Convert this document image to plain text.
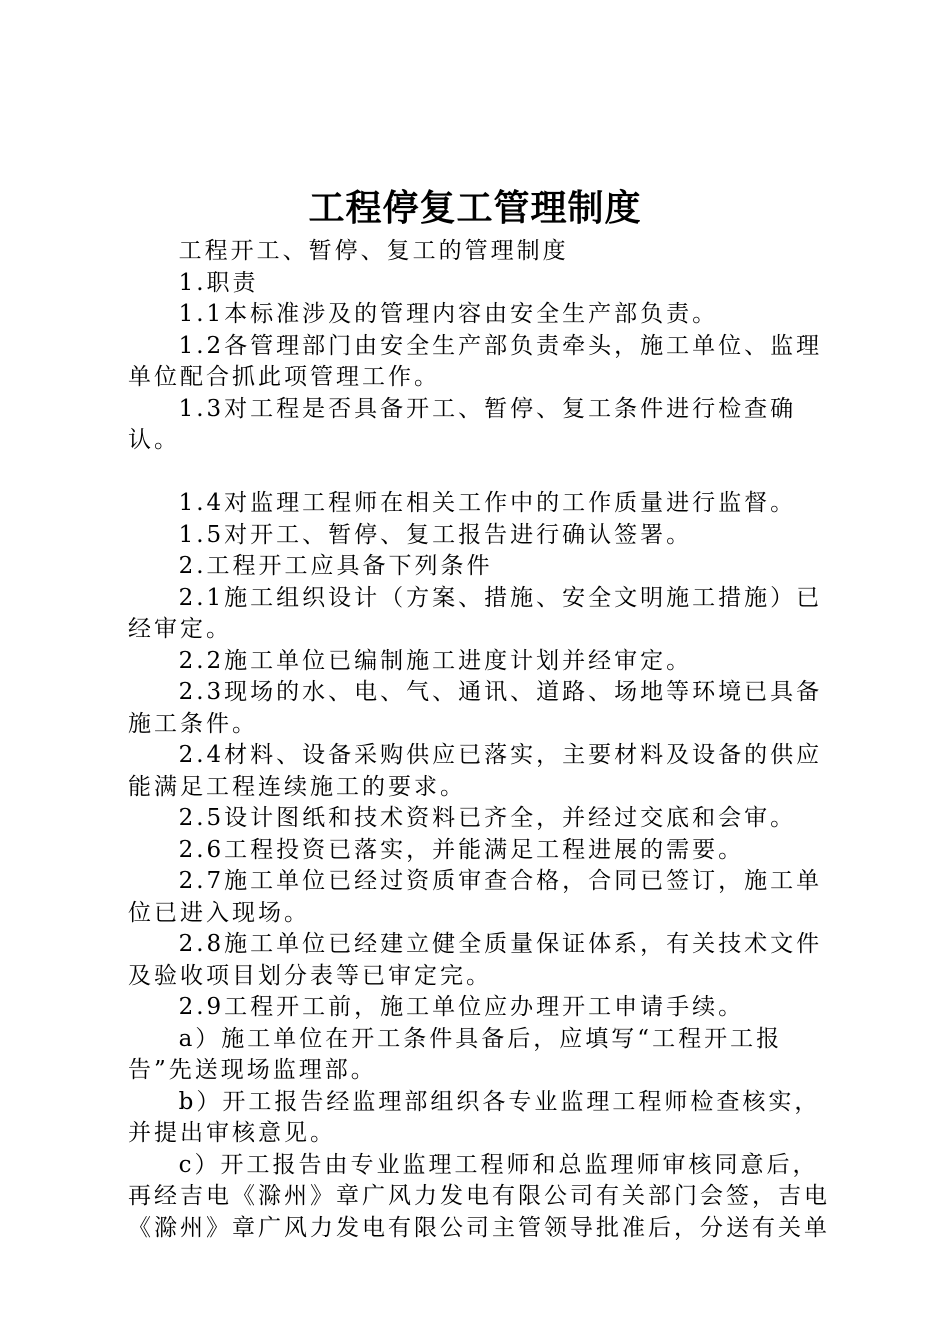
工程停复工管理制度

工程开工、暂停、复工的管理制度

1.职责

1.1本标准涉及的管理内容由安全生产部负责。

1.2各管理部门由安全生产部负责牵头，施工单位、监理单位配合抓此项管理工作。

1.3对工程是否具备开工、暂停、复工条件进行检查确认。

1.4对监理工程师在相关工作中的工作质量进行监督。

1.5对开工、暂停、复工报告进行确认签署。

2.工程开工应具备下列条件

2.1施工组织设计（方案、措施、安全文明施工措施）已经审定。

2.2施工单位已编制施工进度计划并经审定。

2.3现场的水、电、气、通讯、道路、场地等环境已具备施工条件。

2.4材料、设备采购供应已落实，主要材料及设备的供应能满足工程连续施工的要求。

2.5设计图纸和技术资料已齐全，并经过交底和会审。

2.6工程投资已落实，并能满足工程进展的需要。

2.7施工单位已经过资质审查合格，合同已签订，施工单位已进入现场。

2.8施工单位已经建立健全质量保证体系，有关技术文件及验收项目划分表等已审定完。

2.9工程开工前，施工单位应办理开工申请手续。

a）施工单位在开工条件具备后，应填写“工程开工报告”先送现场监理部。

b）开工报告经监理部组织各专业监理工程师检查核实，并提出审核意见。

c）开工报告由专业监理工程师和总监理师审核同意后，再经吉电《滁州》章广风力发电有限公司有关部门会签，吉电《滁州》章广风力发电有限公司主管领导批准后，分送有关单
